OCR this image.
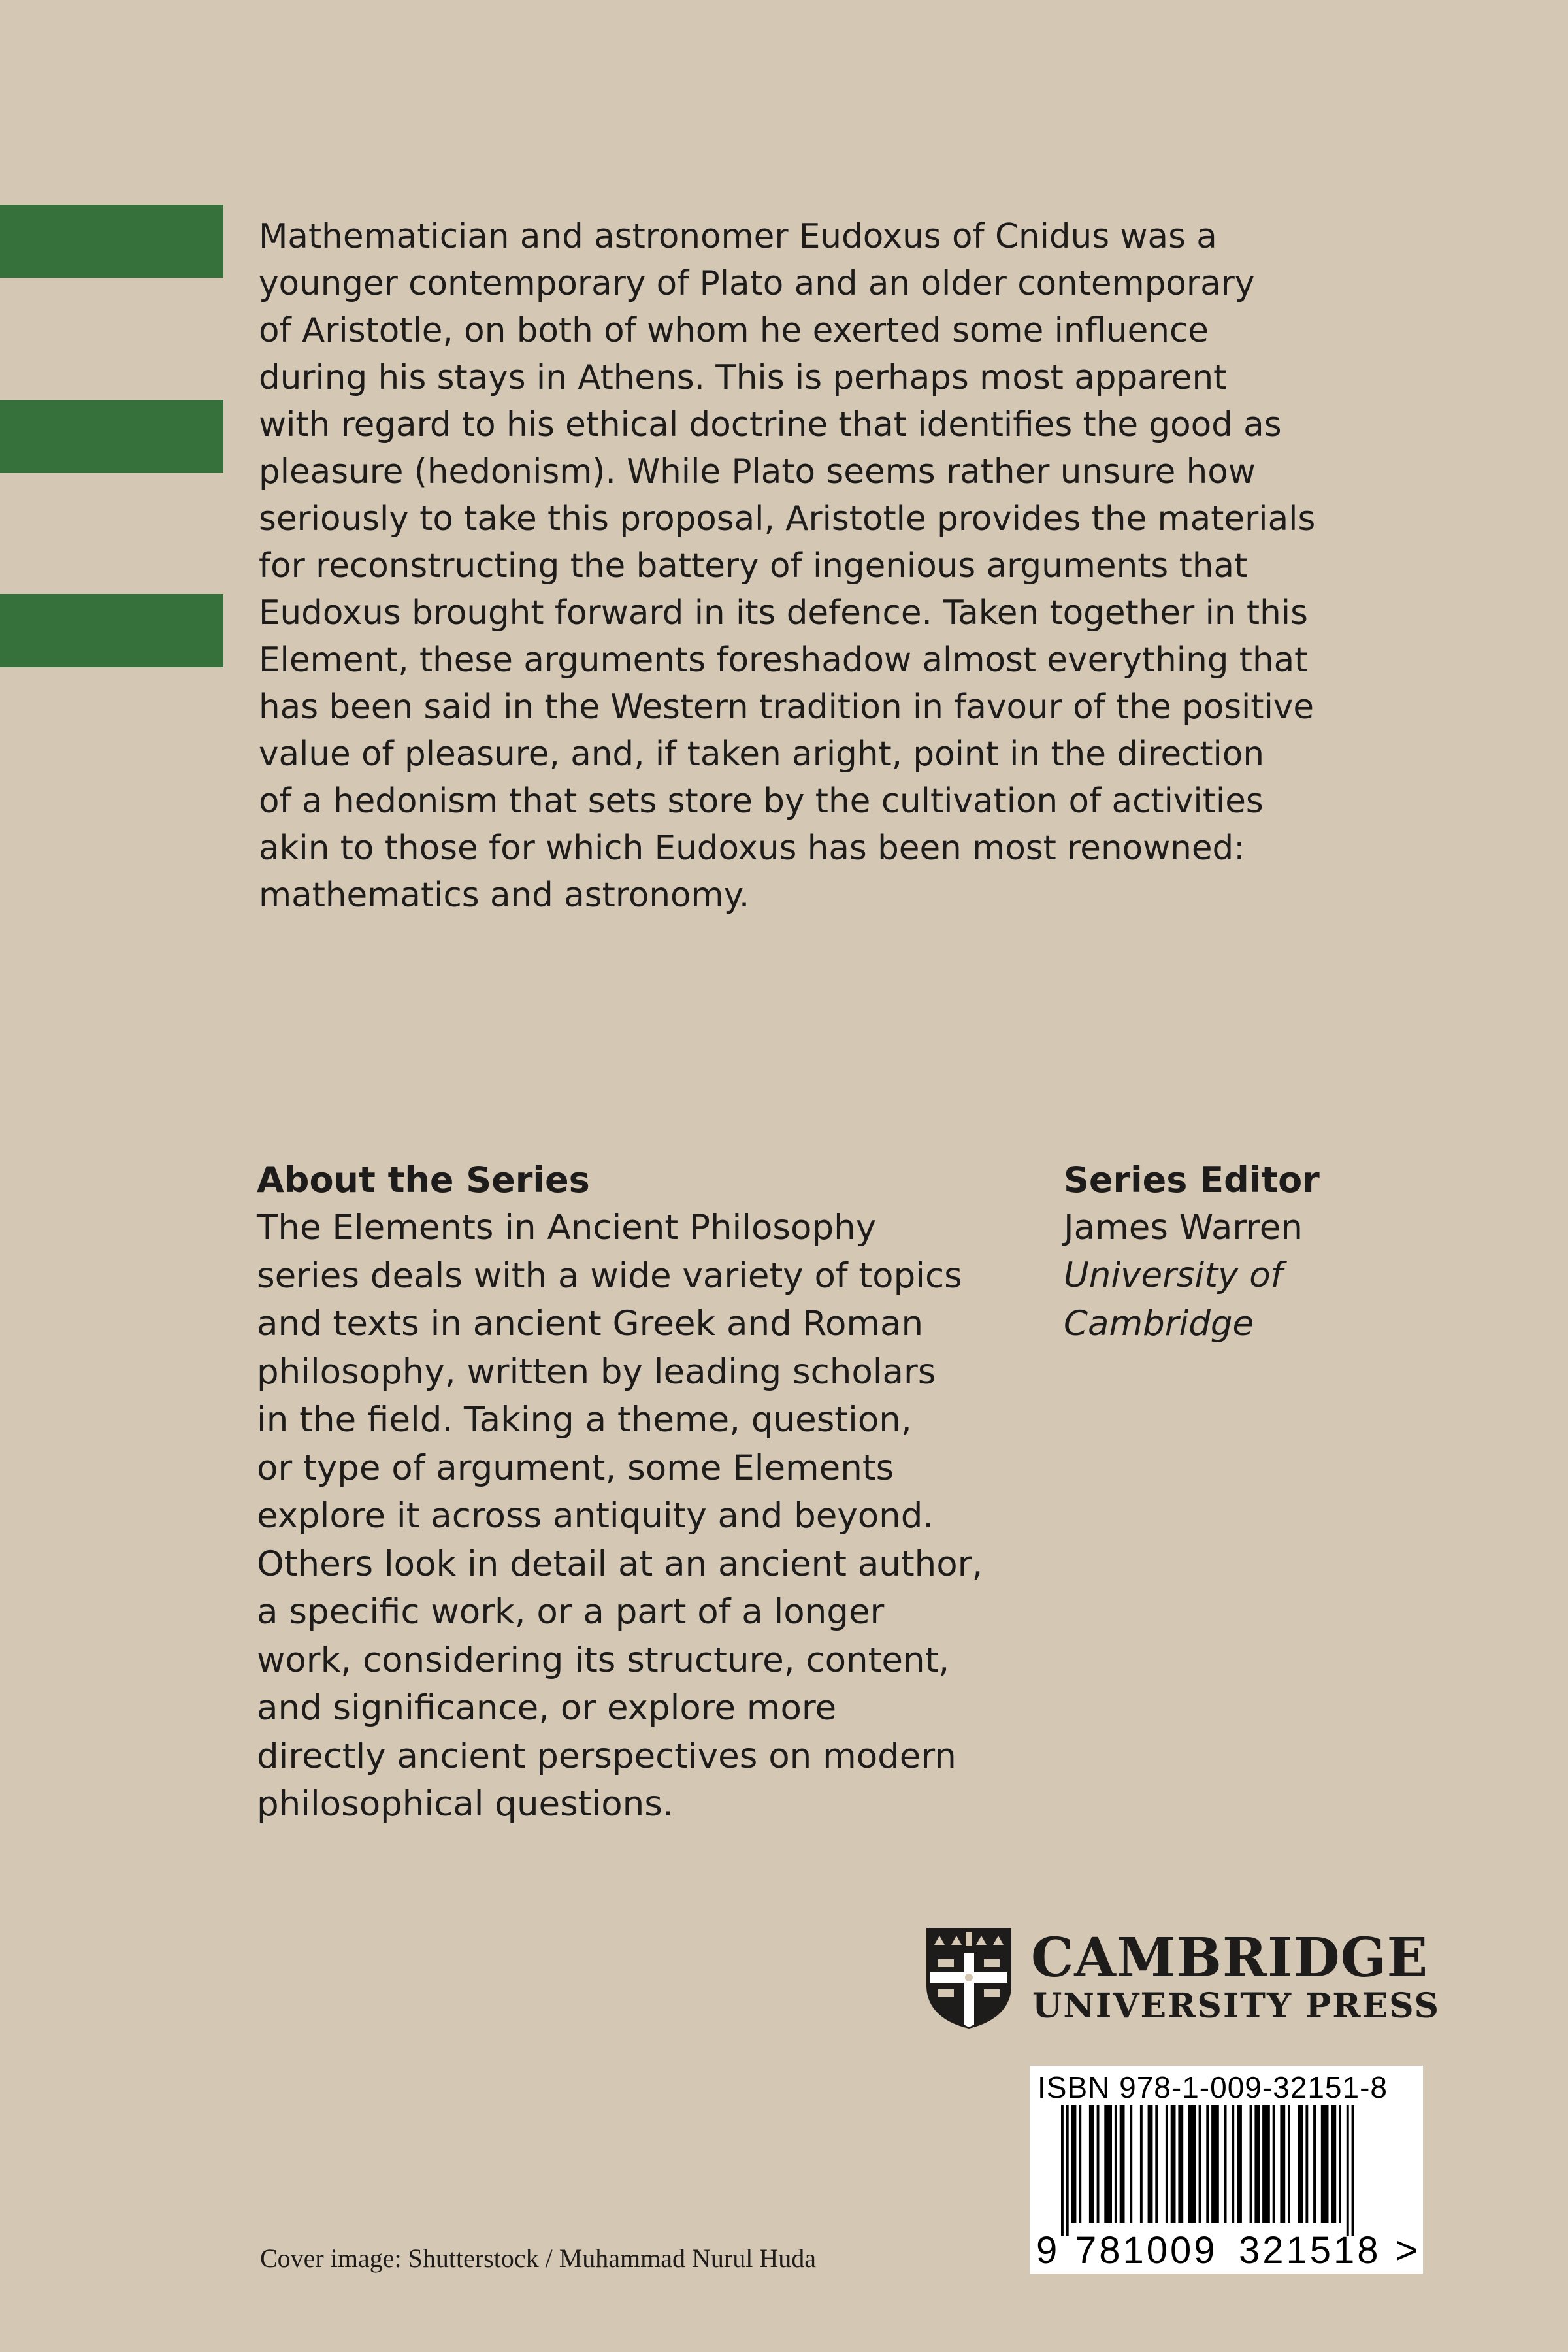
Mathematician and astronomer Eudoxus of Cnidus was a
younger contemporary of Plato and an older contemporary
of Aristotle, on both of whom he exerted some influence
during his stays in Athens. This is perhaps most apparent
with regard to his ethical doctrine that identifies the good as
pleasure (hedonism). While Plato seems rather unsure how
seriously to take this proposal, Aristotle provides the materials
for reconstructing the battery of ingenious arguments that
Eudoxus brought forward in its defence. Taken together in this
Element, these arguments foreshadow almost everything that
has been said in the Western tradition in favour of the positive
value of pleasure, and, if taken aright, point in the direction
of a hedonism that sets store by the cultivation of activities
akin to those for which Eudoxus has been most renowned:
mathematics and astronomy.
About the Series
The Elements in Ancient Philosophy
series deals with a wide variety of topics
and texts in ancient Greek and Roman
philosophy, written by leading scholars
in the field. Taking a theme, question,
or type of argument, some Elements
explore it across antiquity and beyond.
Others look in detail at an ancient author,
a specific work, or a part of a longer
work, considering its structure, content,
and significance, or explore more
directly ancient perspectives on modern
philosophical questions.
Series Editor
James Warren
University of
Cambridge
CAMBRIDGE
UNIVERSITY PRESS
ISBN 978-1-009-32151-8
9 781009 321518 >
Cover image: Shutterstock / Muhammad Nurul Huda
